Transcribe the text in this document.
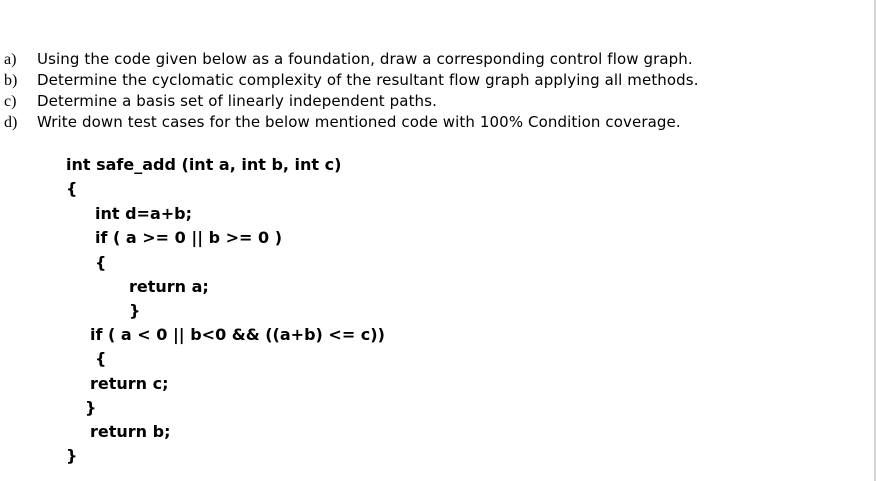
a)	Using the code given below as a foundation, draw a corresponding control flow graph.
b)	Determine the cyclomatic complexity of the resultant flow graph applying all methods.
c)	Determine a basis set of linearly independent paths.
d)	Write down test cases for the below mentioned code with 100% Condition coverage.
int safe_add (int a, int b, int c)
{
int d=a+b;
if ( a >= 0 || b >= 0 )
{
return a;
}
if ( a < 0 || b<0 && ((a+b) <= c))
{
return c;
}
return b;
}
